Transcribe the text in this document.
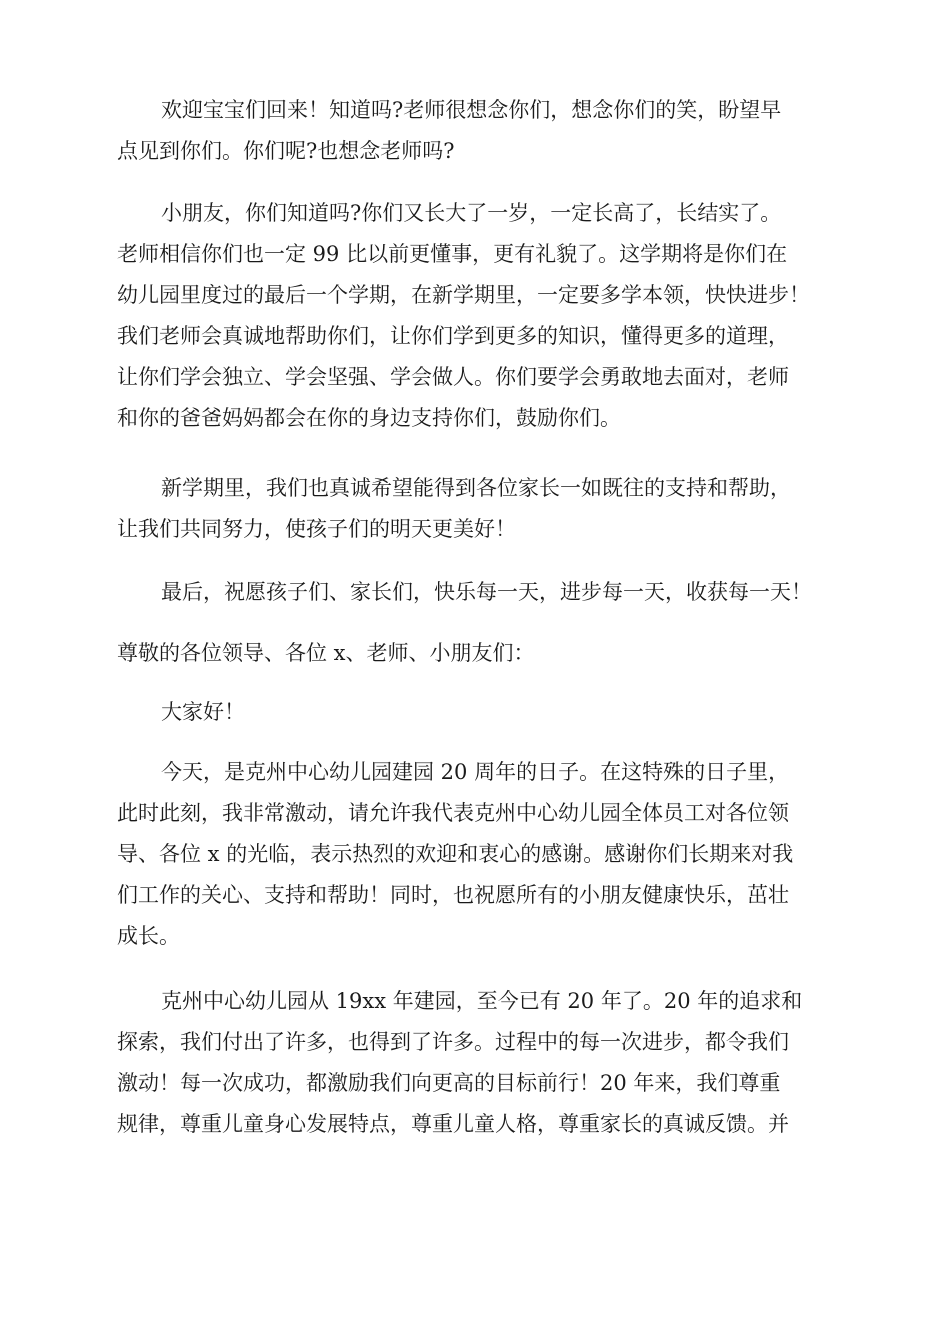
欢迎宝宝们回来！知道吗?老师很想念你们，想念你们的笑，盼望早
点见到你们。你们呢?也想念老师吗?
小朋友，你们知道吗?你们又长大了一岁，一定长高了，长结实了。
老师相信你们也一定 99 比以前更懂事，更有礼貌了。这学期将是你们在
幼儿园里度过的最后一个学期，在新学期里，一定要多学本领，快快进步！
我们老师会真诚地帮助你们，让你们学到更多的知识，懂得更多的道理，
让你们学会独立、学会坚强、学会做人。你们要学会勇敢地去面对，老师
和你的爸爸妈妈都会在你的身边支持你们，鼓励你们。
新学期里，我们也真诚希望能得到各位家长一如既往的支持和帮助，
让我们共同努力，使孩子们的明天更美好！
最后，祝愿孩子们、家长们，快乐每一天，进步每一天，收获每一天！
尊敬的各位领导、各位 x、老师、小朋友们：
大家好！
今天，是克州中心幼儿园建园 20 周年的日子。在这特殊的日子里，
此时此刻，我非常激动，请允许我代表克州中心幼儿园全体员工对各位领
导、各位 x 的光临，表示热烈的欢迎和衷心的感谢。感谢你们长期来对我
们工作的关心、支持和帮助！同时，也祝愿所有的小朋友健康快乐，茁壮
成长。
克州中心幼儿园从 19xx 年建园，至今已有 20 年了。20 年的追求和
探索，我们付出了许多，也得到了许多。过程中的每一次进步，都令我们
激动！每一次成功，都激励我们向更高的目标前行！20 年来，我们尊重
规律，尊重儿童身心发展特点，尊重儿童人格，尊重家长的真诚反馈。并
